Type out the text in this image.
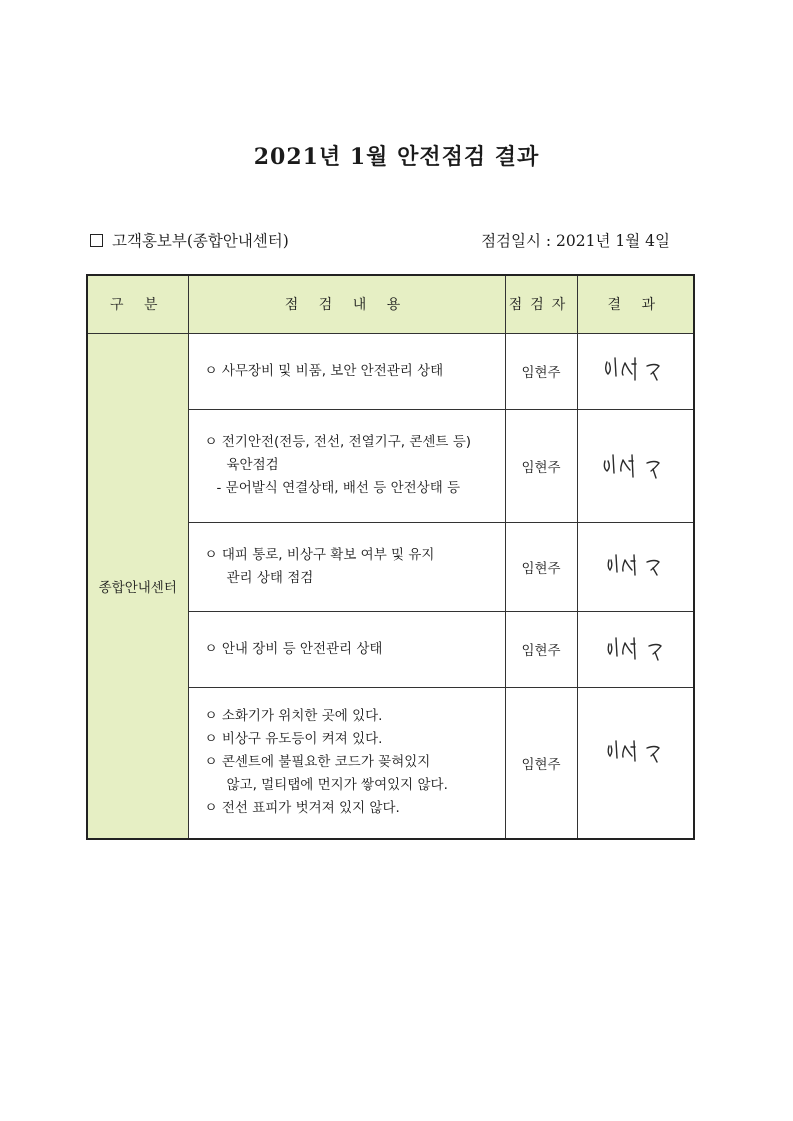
2021년 1월 안전점검 결과
고객홍보부(종합안내센터)	점검일시 : 2021년 1월 4일
구 분	점 검 내 용	점검자	결 과
종합안내센터	ㅇ 사무장비 및 비품, 보안 안전관리 상태	임현주	

	ㅇ 전기안전(전등, 전선, 전열기구, 콘센트 등)
육안점검
- 문어발식 연결상태, 배선 등 안전상태 등	임현주	

	ㅇ 대피 통로, 비상구 확보 여부 및 유지
관리 상태 점검	임현주	

	ㅇ 안내 장비 등 안전관리 상태	임현주	

	ㅇ 소화기가 위치한 곳에 있다.
ㅇ 비상구 유도등이 켜져 있다.
ㅇ 콘센트에 불필요한 코드가 꽂혀있지
않고, 멀티탭에 먼지가 쌓여있지 않다.
ㅇ 전선 표피가 벗겨져 있지 않다.	임현주	
